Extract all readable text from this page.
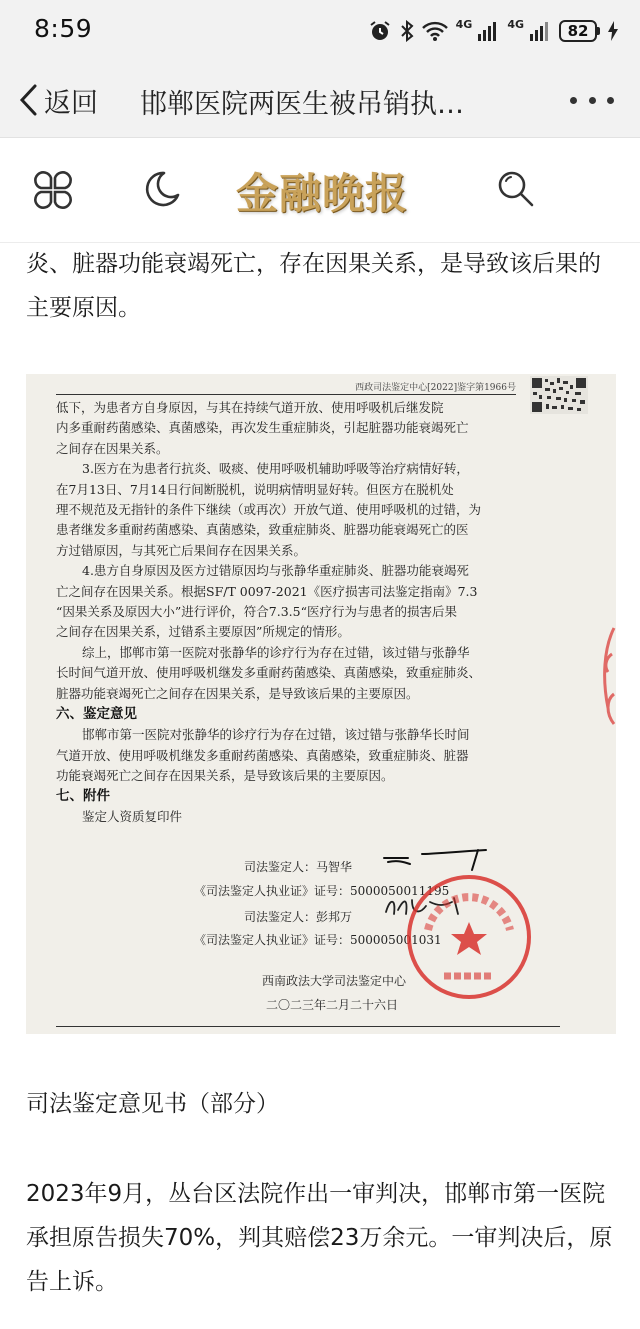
8:59	4G	4G	82
返回 邯郸医院两医生被吊销执…
金融晚报

炎、脏器功能衰竭死亡，存在因果关系，是导致该后果的主要原因。

西政司法鉴定中心[2022]鉴字第1966号
低下，为患者方自身原因，与其在持续气道开放、使用呼吸机后继发院
内多重耐药菌感染、真菌感染，再次发生重症肺炎，引起脏器功能衰竭死亡
之间存在因果关系。
3.医方在为患者行抗炎、吸痰、使用呼吸机辅助呼吸等治疗病情好转，
在7月13日、7月14日行间断脱机，说明病情明显好转。但医方在脱机处
理不规范及无指针的条件下继续（或再次）开放气道、使用呼吸机的过错，为
患者继发多重耐药菌感染、真菌感染，致重症肺炎、脏器功能衰竭死亡的医
方过错原因，与其死亡后果间存在因果关系。
4.患方自身原因及医方过错原因均与张静华重症肺炎、脏器功能衰竭死
亡之间存在因果关系。根据SF/T 0097-2021《医疗损害司法鉴定指南》7.3
“因果关系及原因大小”进行评价，符合7.3.5“医疗行为与患者的损害后果
之间存在因果关系，过错系主要原因”所规定的情形。
综上，邯郸市第一医院对张静华的诊疗行为存在过错，该过错与张静华
长时间气道开放、使用呼吸机继发多重耐药菌感染、真菌感染，致重症肺炎、
脏器功能衰竭死亡之间存在因果关系，是导致该后果的主要原因。
六、鉴定意见
邯郸市第一医院对张静华的诊疗行为存在过错，该过错与张静华长时间
气道开放、使用呼吸机继发多重耐药菌感染、真菌感染，致重症肺炎、脏器
功能衰竭死亡之间存在因果关系，是导致该后果的主要原因。
七、附件
鉴定人资质复印件
司法鉴定人：马智华
《司法鉴定人执业证》证号：5000050011195
司法鉴定人：彭邦万
《司法鉴定人执业证》证号：500005001031
西南政法大学司法鉴定中心
二〇二三年二月二十六日

司法鉴定意见书（部分）

2023年9月，丛台区法院作出一审判决，邯郸市第一医院承担原告损失70%，判其赔偿23万余元。一审判决后，原告上诉。
